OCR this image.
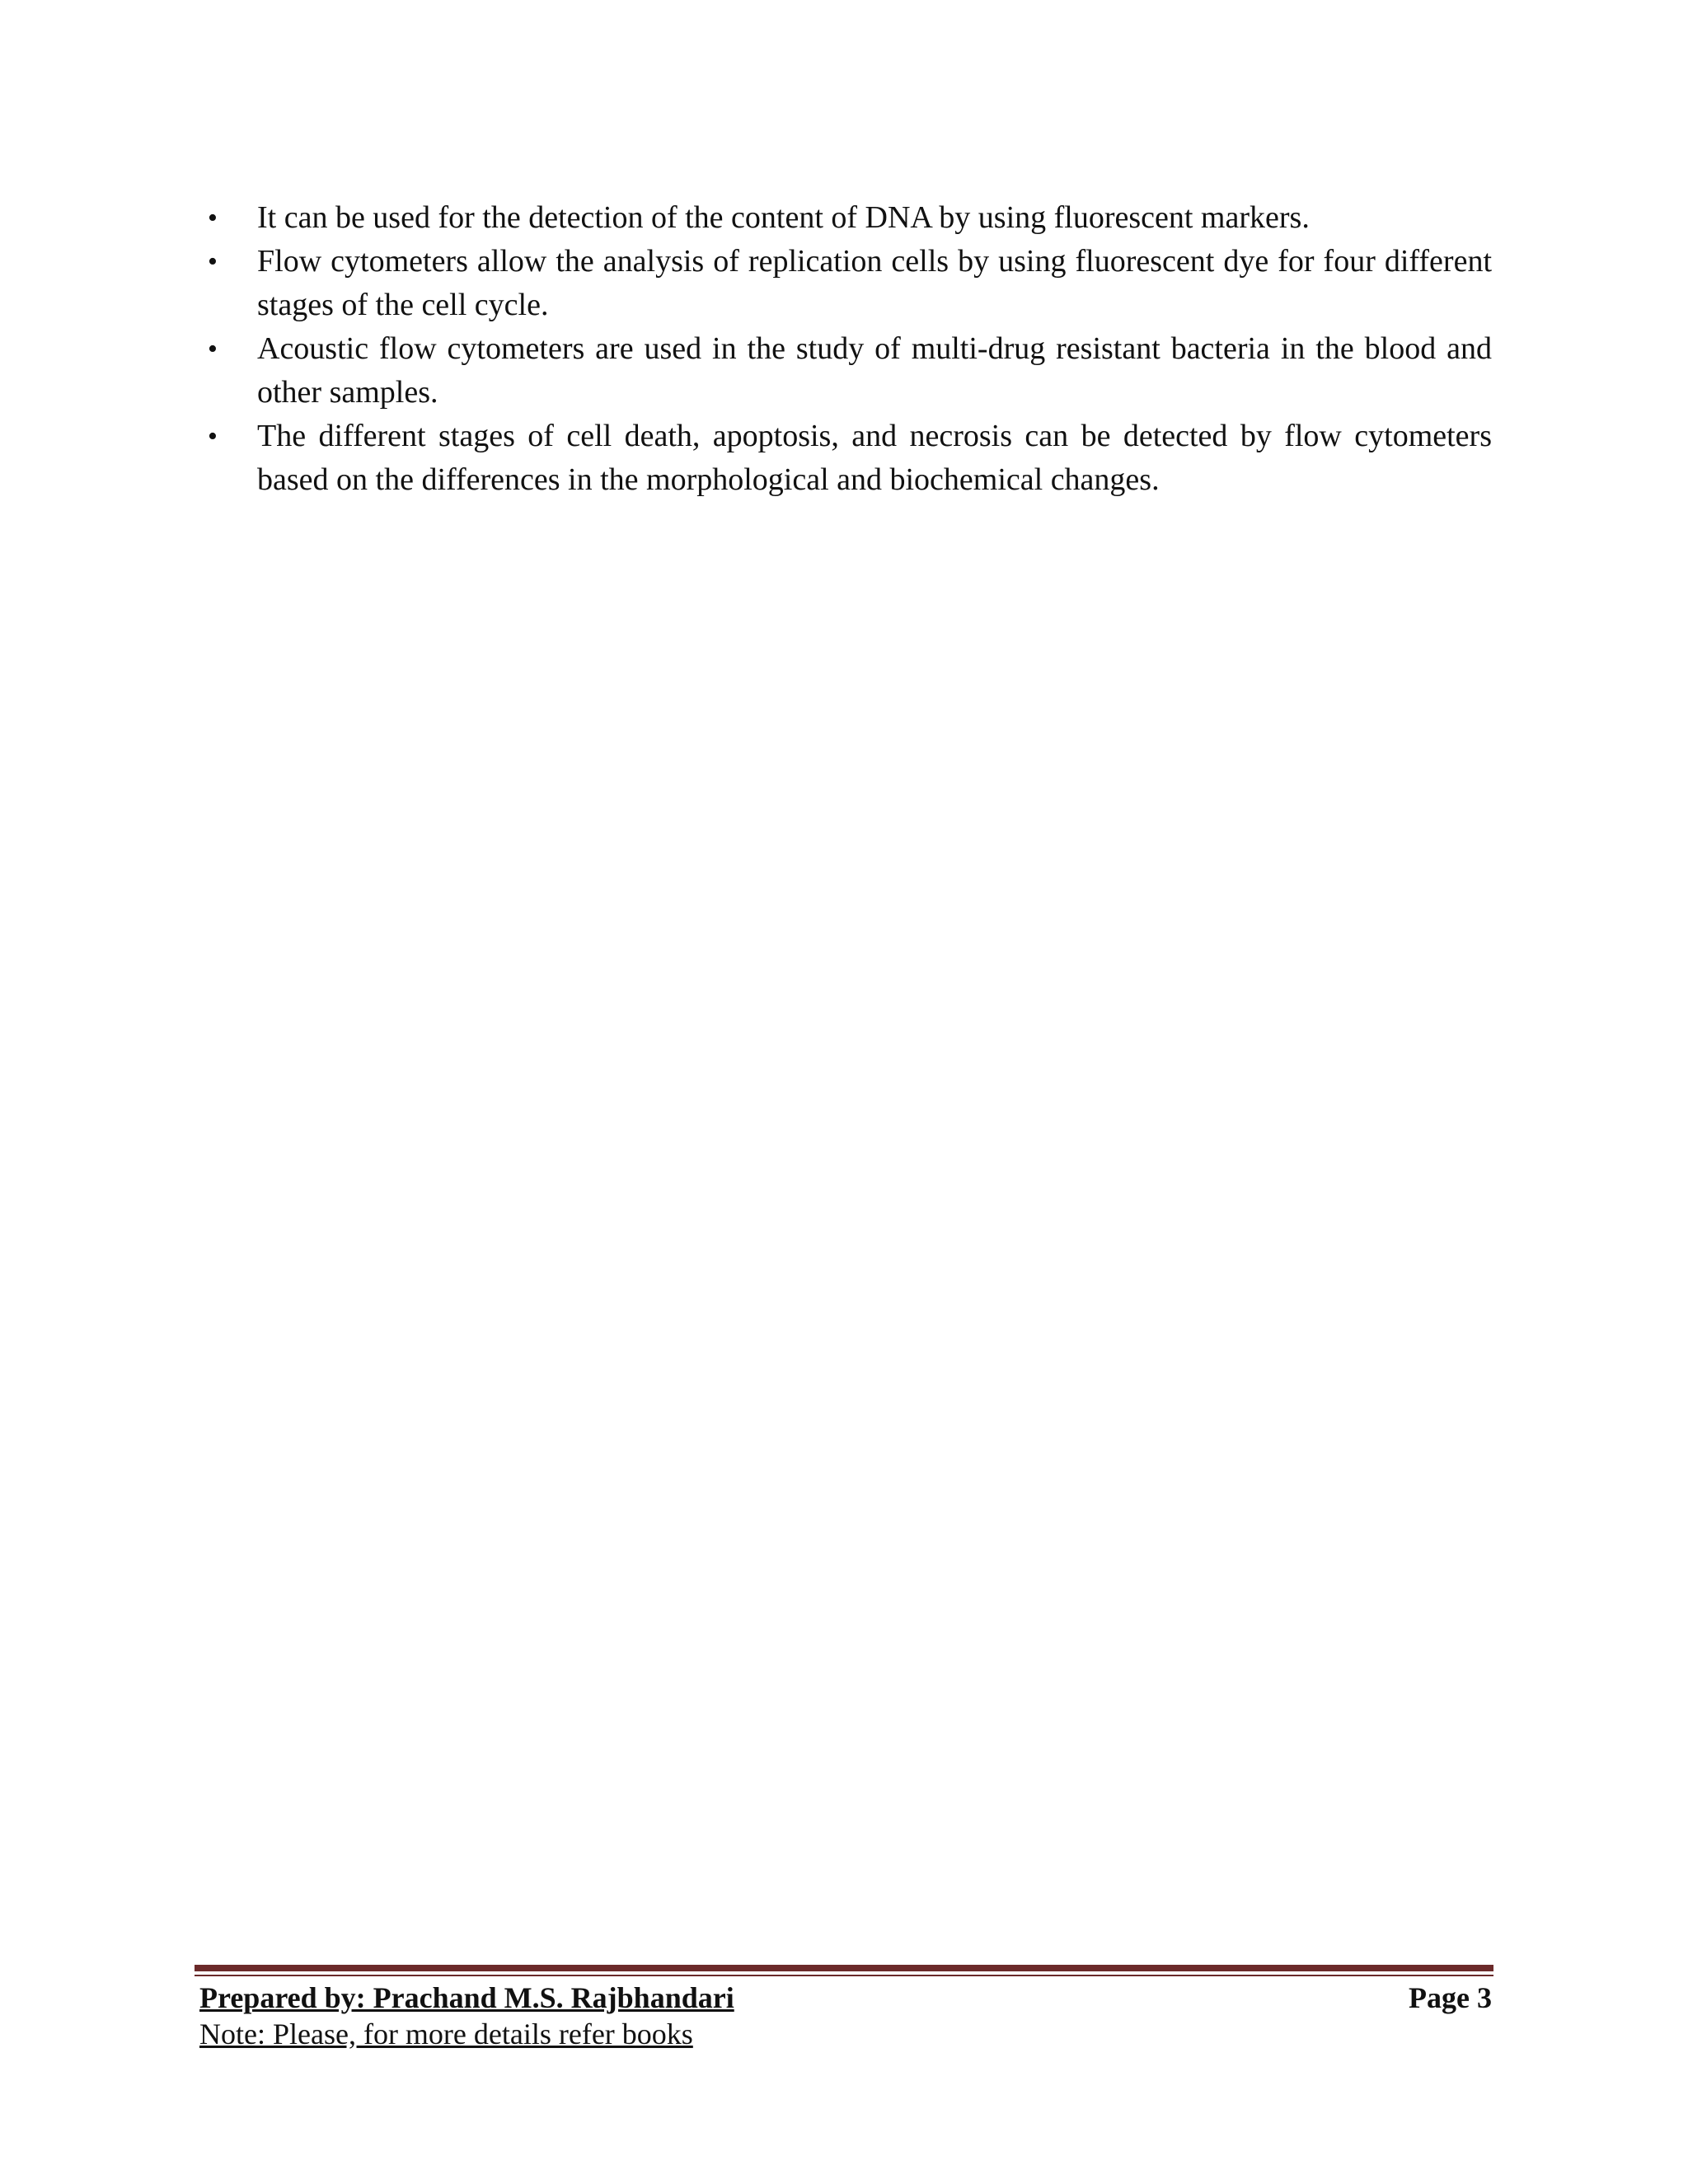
•	It can be used for the detection of the content of DNA by using fluorescent markers.
•	Flow cytometers allow the analysis of replication cells by using fluorescent dye for four different stages of the cell cycle.
•	Acoustic flow cytometers are used in the study of multi-drug resistant bacteria in the blood and other samples.
•	The different stages of cell death, apoptosis, and necrosis can be detected by flow cytometers based on the differences in the morphological and biochemical changes.
Prepared by: Prachand M.S. Rajbhandari	Page 3
Note: Please, for more details refer books
